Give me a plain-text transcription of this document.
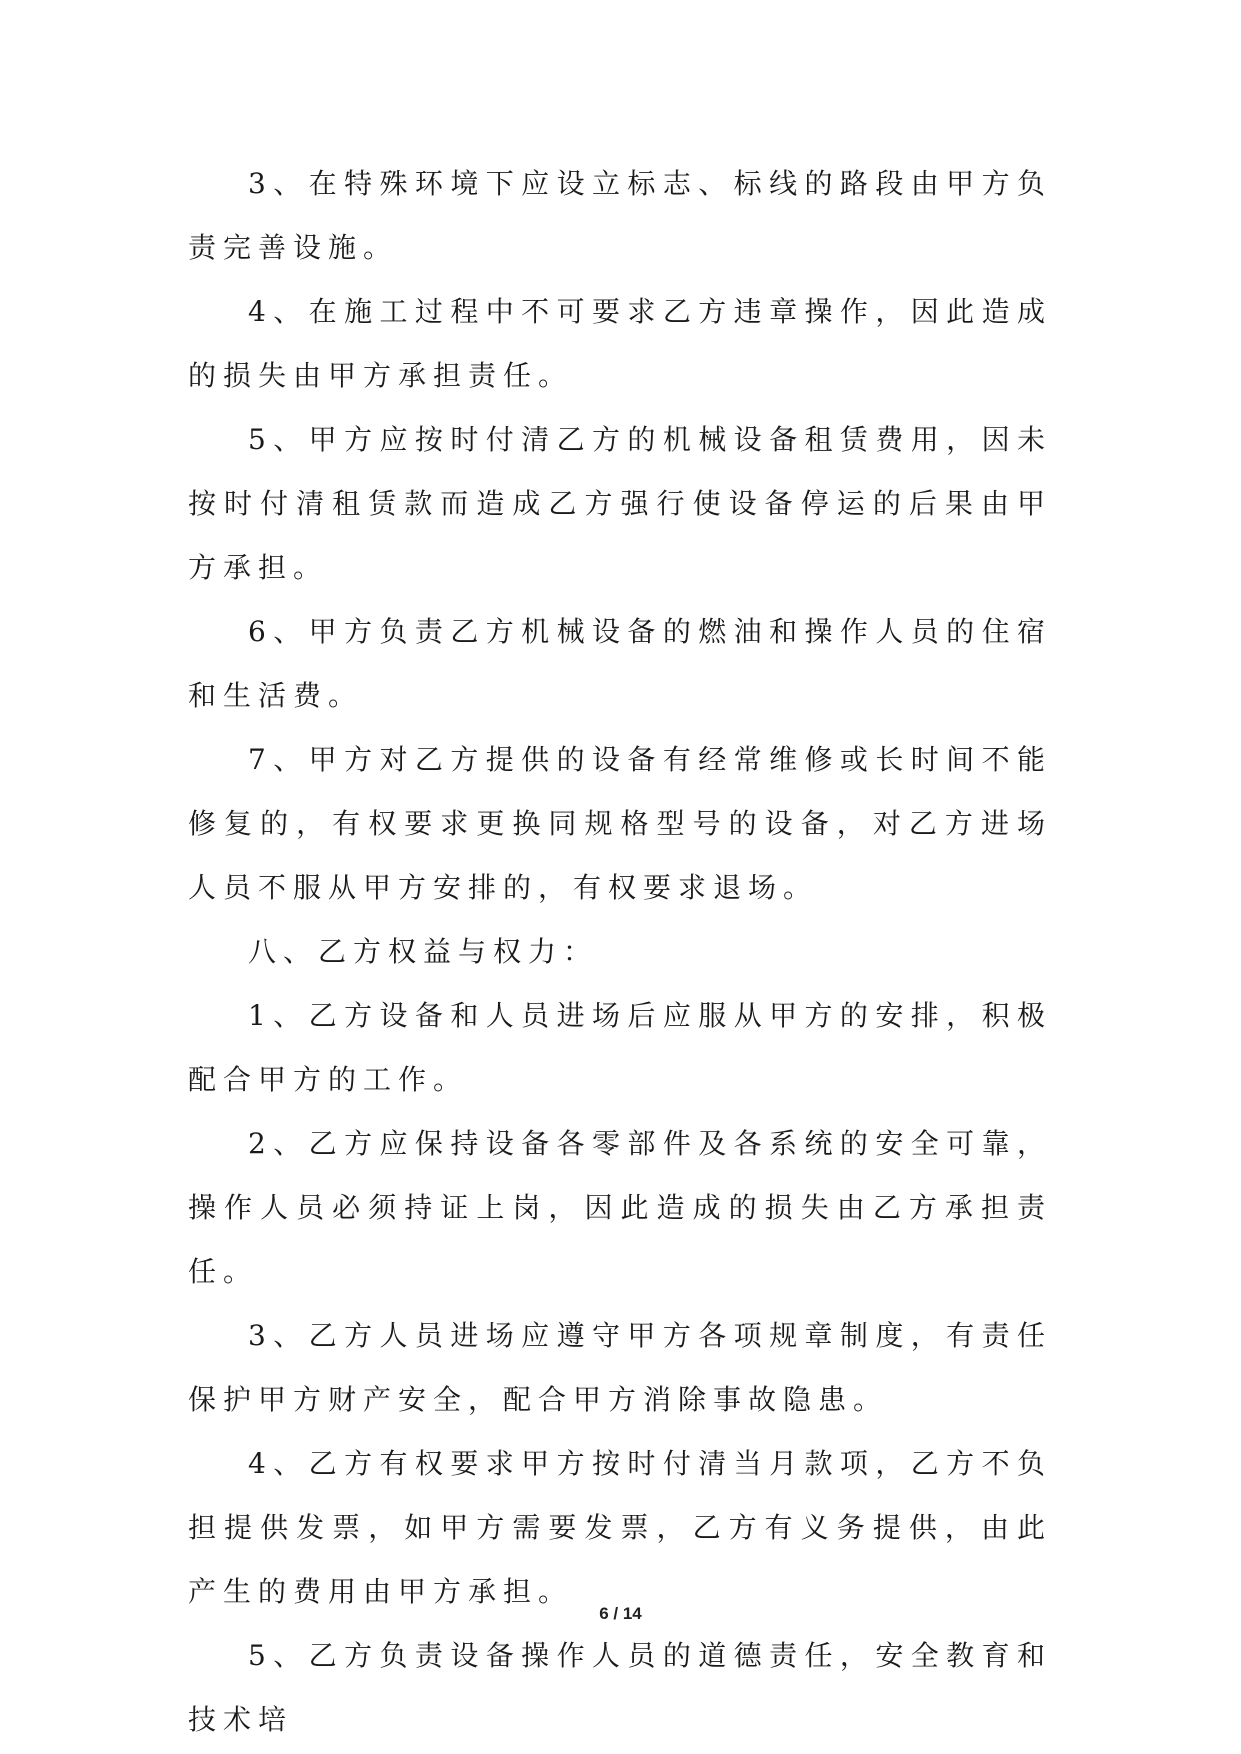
3、在特殊环境下应设立标志、标线的路段由甲方负责完善设施。

4、在施工过程中不可要求乙方违章操作，因此造成的损失由甲方承担责任。

5、甲方应按时付清乙方的机械设备租赁费用，因未按时付清租赁款而造成乙方强行使设备停运的后果由甲方承担。

6、甲方负责乙方机械设备的燃油和操作人员的住宿和生活费。

7、甲方对乙方提供的设备有经常维修或长时间不能修复的，有权要求更换同规格型号的设备，对乙方进场人员不服从甲方安排的，有权要求退场。

八、乙方权益与权力：

1、乙方设备和人员进场后应服从甲方的安排，积极配合甲方的工作。

2、乙方应保持设备各零部件及各系统的安全可靠，操作人员必须持证上岗，因此造成的损失由乙方承担责任。

3、乙方人员进场应遵守甲方各项规章制度，有责任保护甲方财产安全，配合甲方消除事故隐患。

4、乙方有权要求甲方按时付清当月款项，乙方不负担提供发票，如甲方需要发票，乙方有义务提供，由此产生的费用由甲方承担。

5、乙方负责设备操作人员的道德责任，安全教育和技术培

6 / 14
